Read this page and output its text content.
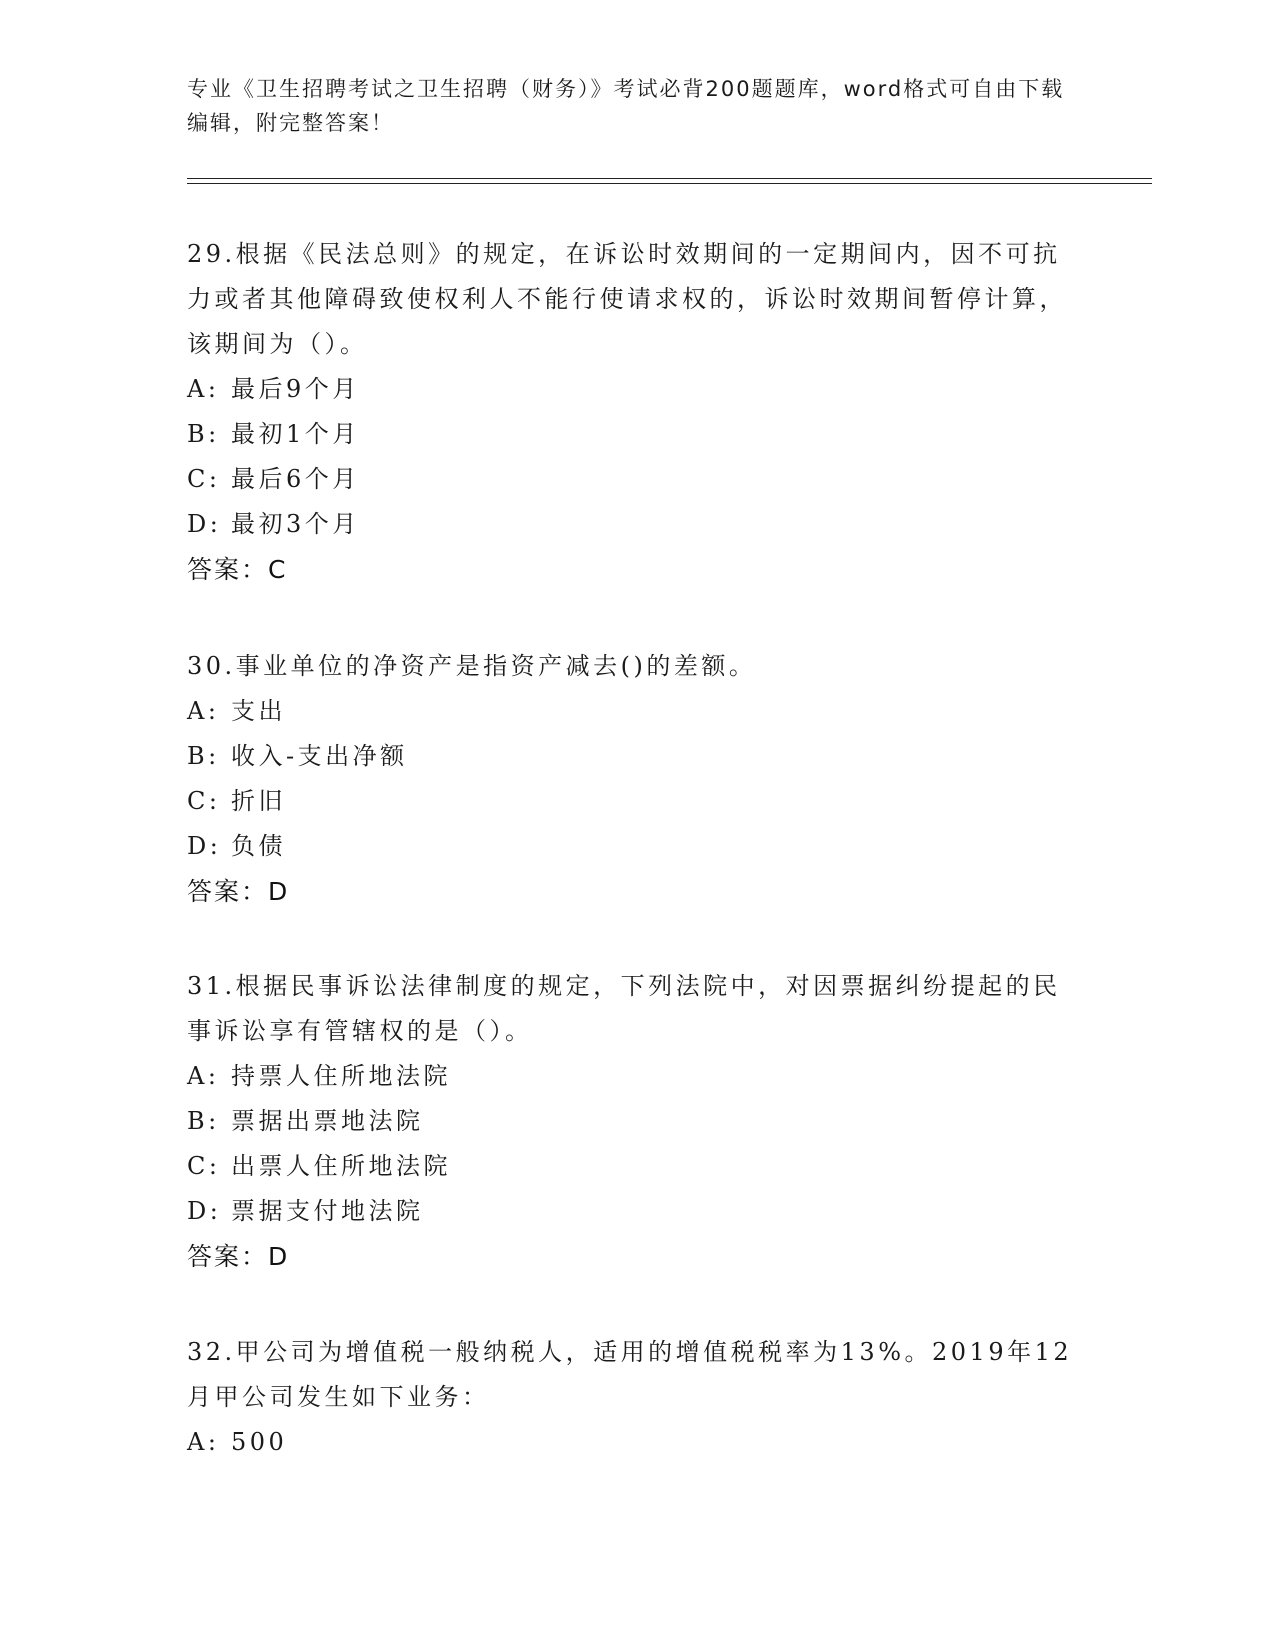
专业《卫生招聘考试之卫生招聘（财务）》考试必背200题题库，word格式可自由下载编辑，附完整答案！
29.根据《民法总则》的规定，在诉讼时效期间的一定期间内，因不可抗力或者其他障碍致使权利人不能行使请求权的，诉讼时效期间暂停计算，该期间为（）。
A: 最后9个月
B: 最初1个月
C: 最后6个月
D: 最初3个月
答案：C
30.事业单位的净资产是指资产减去()的差额。
A: 支出
B: 收入-支出净额
C: 折旧
D: 负债
答案：D
31.根据民事诉讼法律制度的规定，下列法院中，对因票据纠纷提起的民事诉讼享有管辖权的是（）。
A: 持票人住所地法院
B: 票据出票地法院
C: 出票人住所地法院
D: 票据支付地法院
答案：D
32.甲公司为增值税一般纳税人，适用的增值税税率为13%。2019年12月甲公司发生如下业务：
A: 500
